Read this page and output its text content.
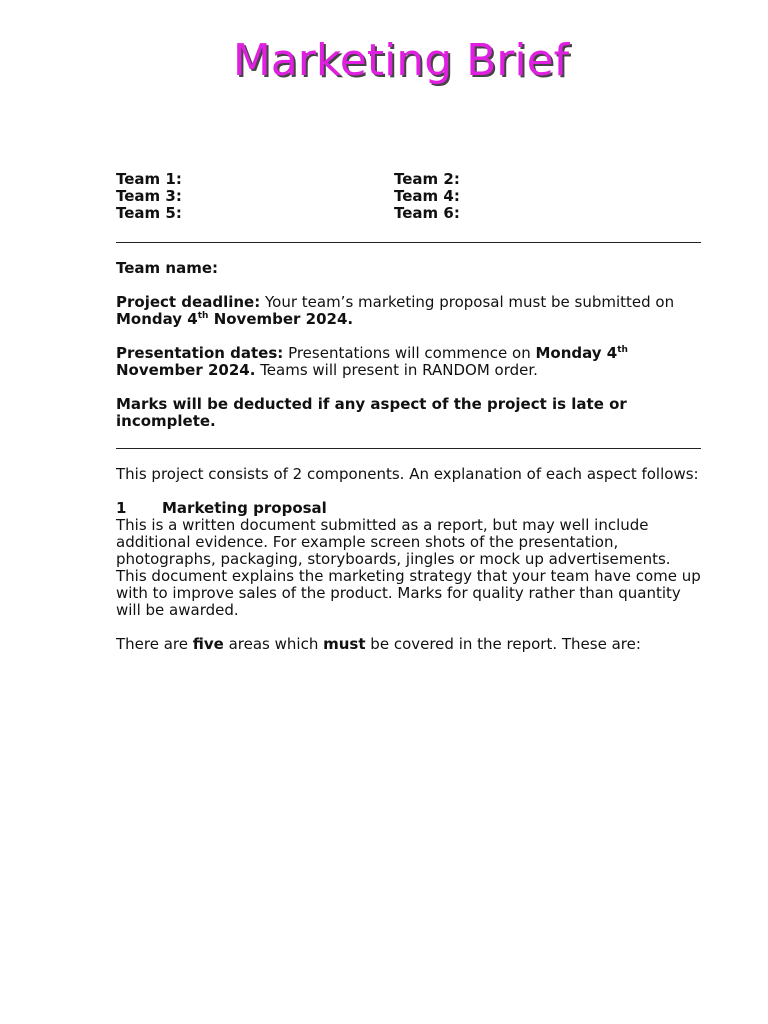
Marketing Brief
Team 1:	Team 2:
Team 3:	Team 4:
Team 5:	Team 6:

Team name:

Project deadline: Your team’s marketing proposal must be submitted on Monday 4th November 2024.

Presentation dates: Presentations will commence on Monday 4th November 2024. Teams will present in RANDOM order.

Marks will be deducted if any aspect of the project is late or incomplete.

This project consists of 2 components. An explanation of each aspect follows:

1	Marketing proposal

This is a written document submitted as a report, but may well include additional evidence. For example screen shots of the presentation, photographs, packaging, storyboards, jingles or mock up advertisements. This document explains the marketing strategy that your team have come up with to improve sales of the product. Marks for quality rather than quantity will be awarded.

There are five areas which must be covered in the report. These are:
